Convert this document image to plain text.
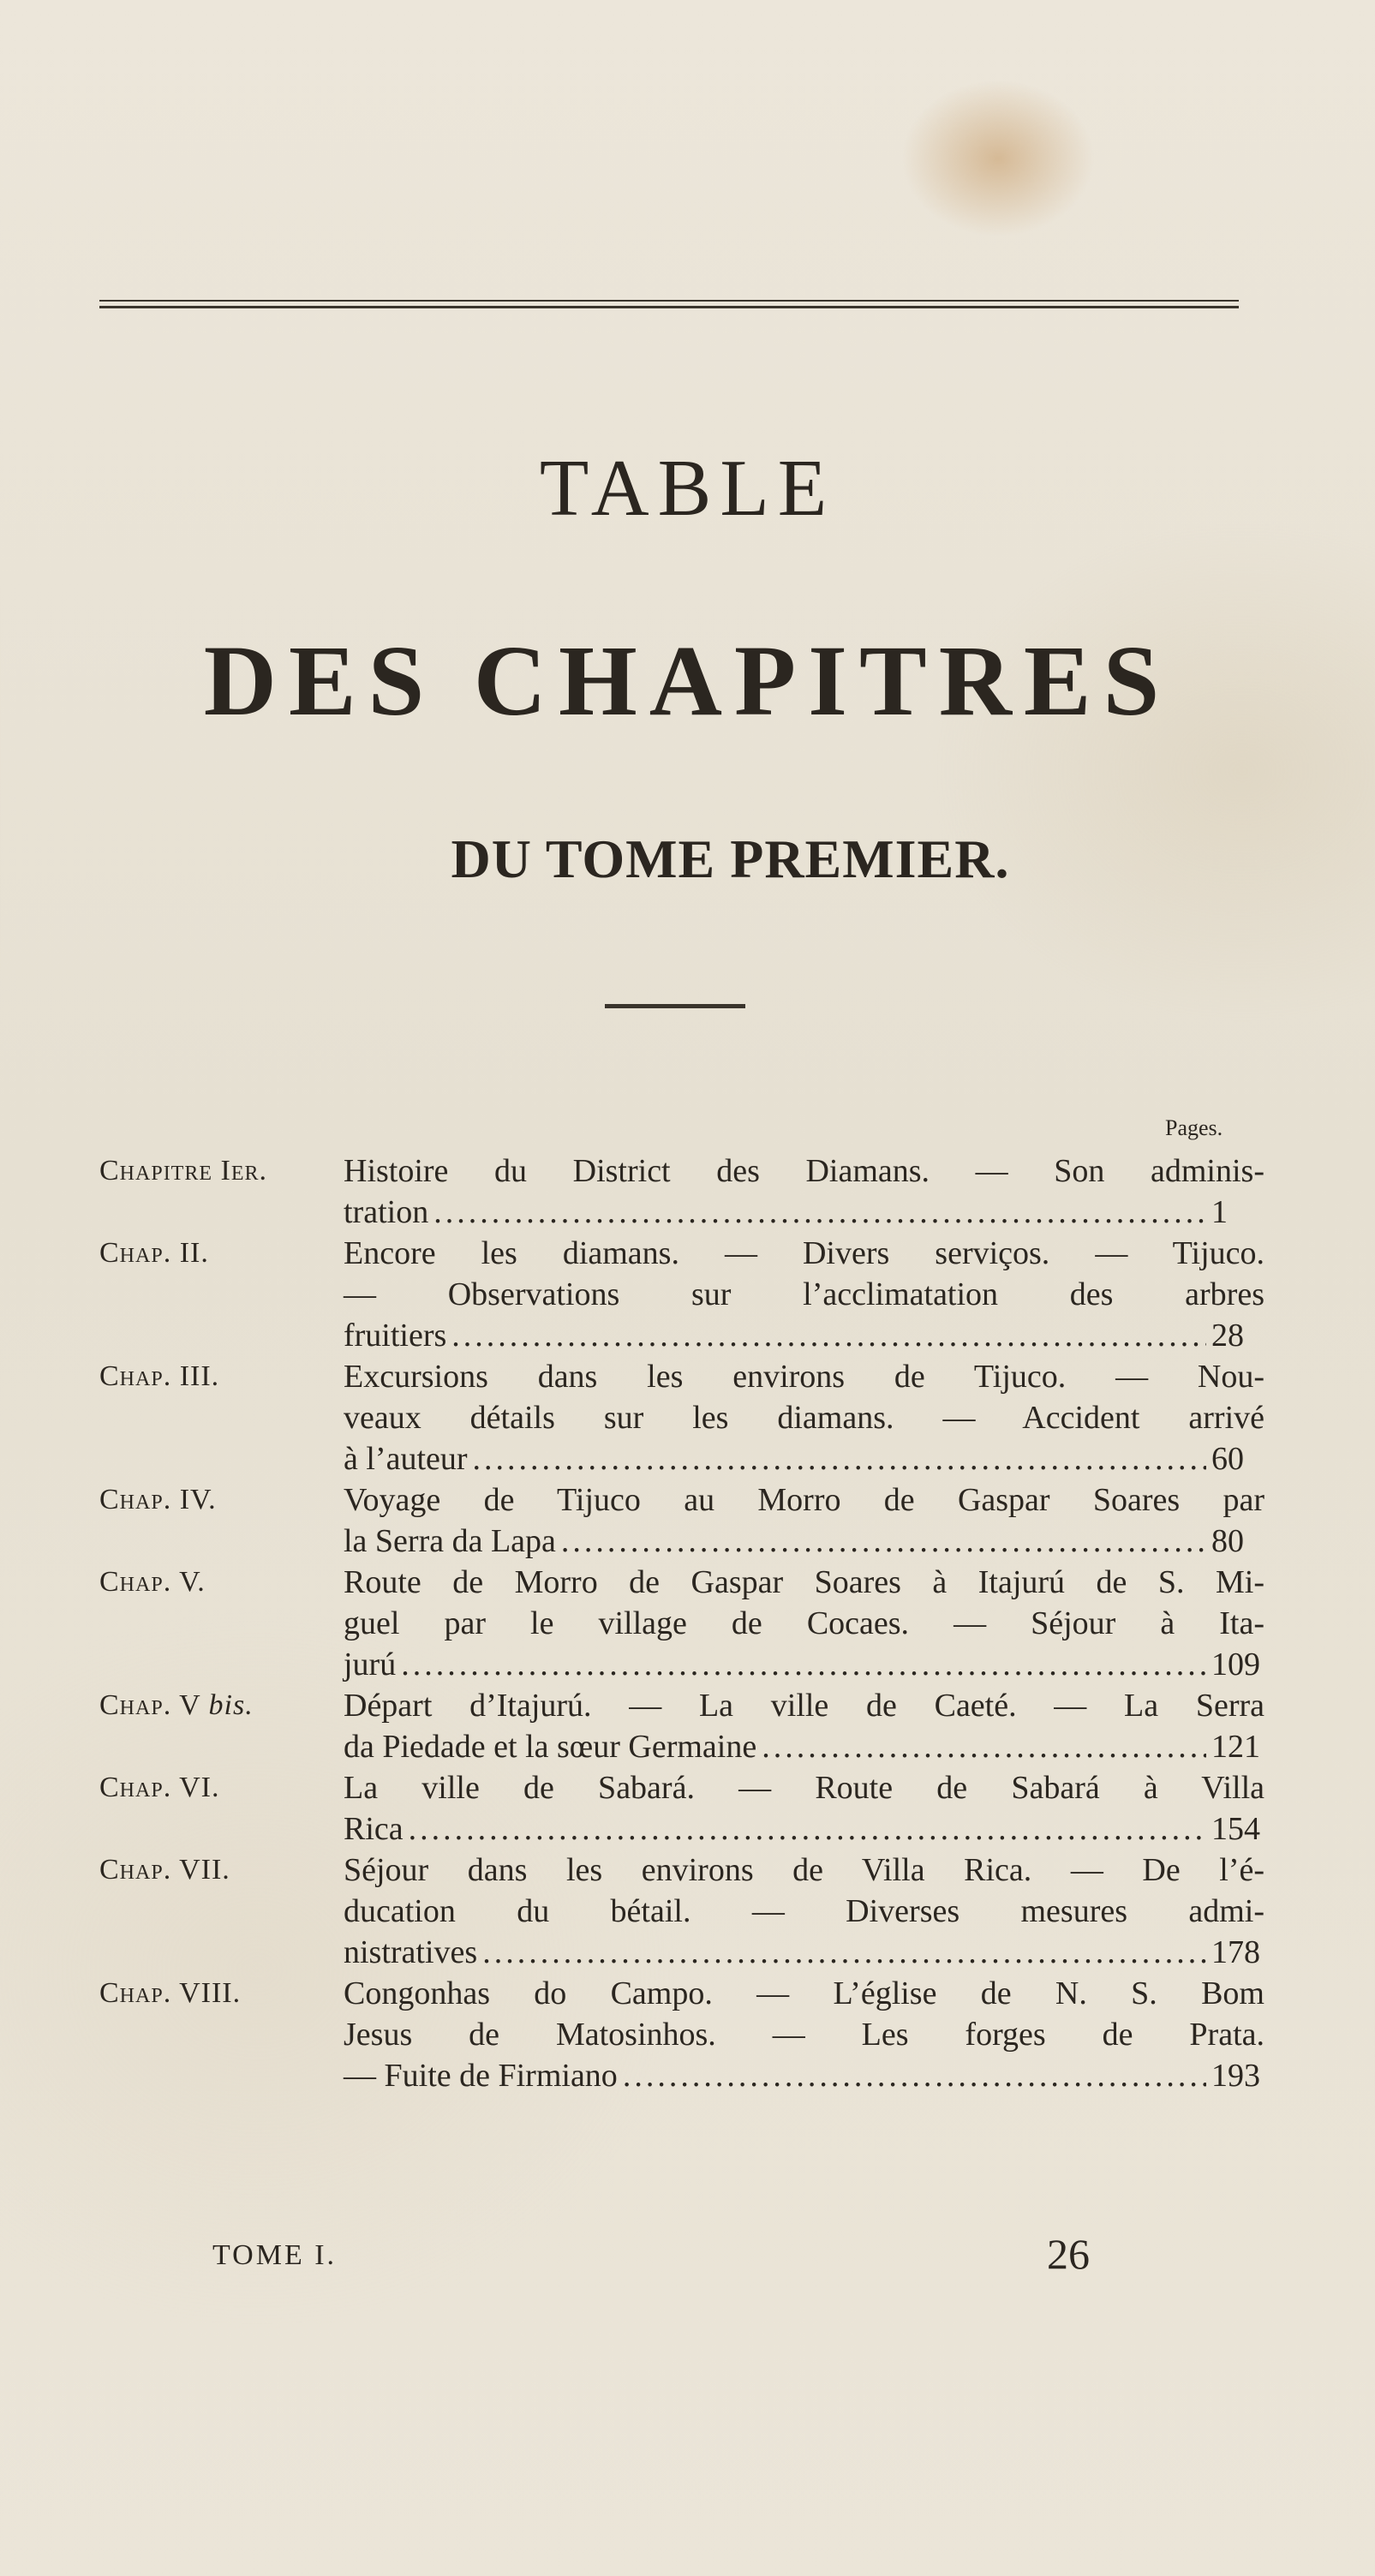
TABLE
DES CHAPITRES
DU TOME PREMIER.
Pages.
Chapitre Ier. Histoire du District des Diamans. — Son adminis-
tration .....	1
Chap. II.	Encore les diamans. — Divers serviços. — Tijuco.
— Observations sur l’acclimatation des arbres
fruitiers .....	28
Chap. III.	Excursions dans les environs de Tijuco. — Nou-
veaux détails sur les diamans. — Accident arrivé
à l’auteur .....	60
Chap. IV.	Voyage de Tijuco au Morro de Gaspar Soares par
la Serra da Lapa .....	80
Chap. V.	Route de Morro de Gaspar Soares à Itajurú de S. Mi-
guel par le village de Cocaes. — Séjour à Ita-
jurú .....	109
Chap. V bis.	Départ d’Itajurú. — La ville de Caeté. — La Serra
da Piedade et la sœur Germaine .....	121
Chap. VI.	La ville de Sabará. — Route de Sabará à Villa
Rica .....	154
Chap. VII.	Séjour dans les environs de Villa Rica. — De l’é-
ducation du bétail. — Diverses mesures admi-
nistratives .....	178
Chap. VIII.	Congonhas do Campo. — L’église de N. S. Bom
Jesus de Matosinhos. — Les forges de Prata.
— Fuite de Firmiano .....	193
TOME I.	26
